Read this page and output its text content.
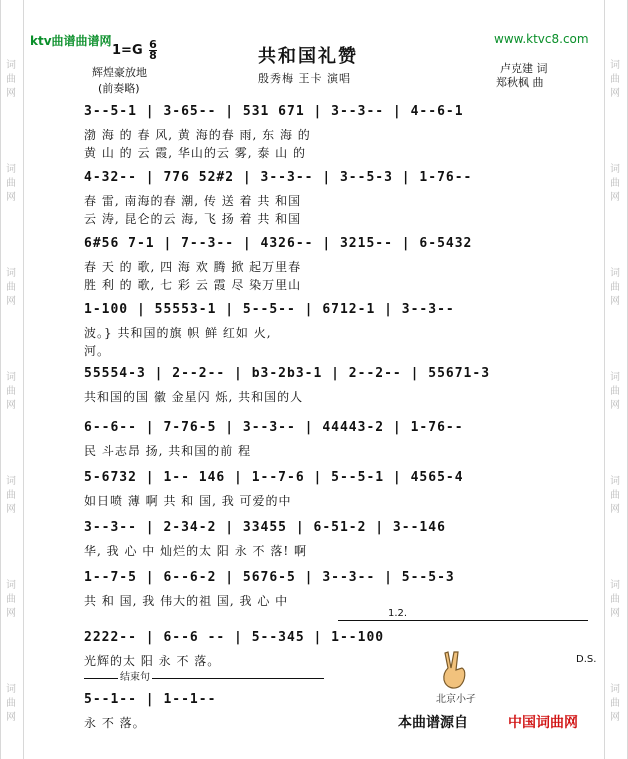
词
曲
网
词
曲
网
词
曲
网
词
曲
网
词
曲
网
词
曲
网
词
曲
网
词
曲
网
词
曲
网
词
曲
网
词
曲
网
词
曲
网
词
曲
网
词
曲
网
ktv曲谱曲谱网	www.ktvc8.com
$1=G \frac{6}{8}$	共和国礼赞
辉煌豪放地
(前奏略)
殷秀梅 王卡 演唱
卢克建 词
郑秋枫 曲
3--5-1 | 3-65-- | 531 671 | 3--3-- | 4--6-1
渤 海 的 春 风, 黄 海的春 雨, 东 海 的
黄 山 的 云 霞, 华山的云 雾, 泰 山 的
4-32-- | 776 52#2 | 3--3-- | 3--5-3 | 1-76--
春 雷, 南海的春 潮, 传 送 着 共 和国
云 涛, 昆仑的云 海, 飞 扬 着 共 和国
6#56 7-1 | 7--3-- | 4326-- | 3215-- | 6-5432
春 天 的 歌, 四 海 欢 腾 掀 起万里春
胜 利 的 歌, 七 彩 云 霞 尽 染万里山
1-100 | 55553-1 | 5--5-- | 6712-1 | 3--3--
波。} 共和国的旗 帜 鲜 红如 火,
河。
55554-3 | 2--2-- | b3-2b3-1 | 2--2-- | 55671-3
共和国的国 徽 金星闪 烁, 共和国的人
6--6-- | 7-76-5 | 3--3-- | 44443-2 | 1-76--
民 斗志昂 扬, 共和国的前 程
5-6732 | 1-- 146 | 1--7-6 | 5--5-1 | 4565-4
如日喷 薄 啊 共 和 国, 我 可爱的中
3--3-- | 2-34-2 | 33455 | 6-51-2 | 3--146
华, 我 心 中 灿烂的太 阳 永 不 落! 啊
1--7-5 | 6--6-2 | 5676-5 | 3--3-- | 5--5-3
共 和 国, 我 伟大的祖 国, 我 心 中
2222-- | 6--6 -- | 5--345 | 1--100
光辉的太 阳 永 不 落。
5--1-- | 1--1--
永 不 落。
1.2.
D.S.
结束句
北京小孑
本曲谱源自	中国词曲网
